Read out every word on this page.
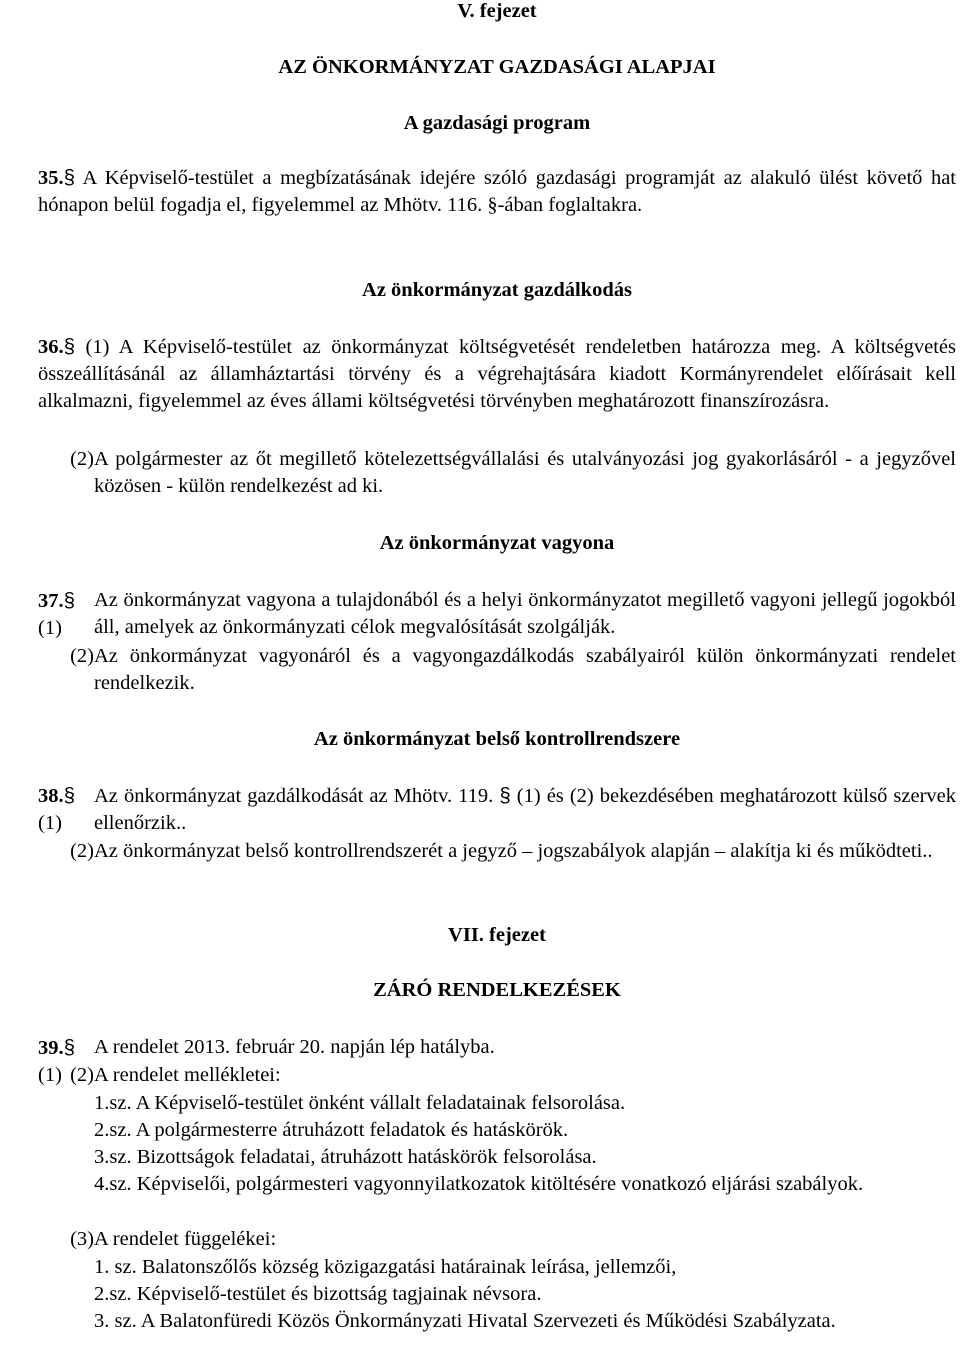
V. fejezet
AZ ÖNKORMÁNYZAT GAZDASÁGI ALAPJAI
A gazdasági program
35.§ A Képviselő-testület a megbízatásának idejére szóló gazdasági programját az alakuló ülést követő hat hónapon belül fogadja el, figyelemmel az Mhötv. 116. §-ában foglaltakra.
Az önkormányzat gazdálkodás
36.§ (1) A Képviselő-testület az önkormányzat költségvetését rendeletben határozza meg. A költségvetés összeállításánál az államháztartási törvény és a végrehajtására kiadott Kormányrendelet előírásait kell alkalmazni, figyelemmel az éves állami költségvetési törvényben meghatározott finanszírozásra.
(2) A polgármester az őt megillető kötelezettségvállalási és utalványozási jog gyakorlásáról - a jegyzővel közösen - külön rendelkezést ad ki.
Az önkormányzat vagyona
37.§ (1)
Az önkormányzat vagyona a tulajdonából és a helyi önkormányzatot megillető vagyoni jellegű jogokból áll, amelyek az önkormányzati célok megvalósítását szolgálják.
(2) Az önkormányzat vagyonáról és a vagyongazdálkodás szabályairól külön önkormányzati rendelet rendelkezik.
Az önkormányzat belső kontrollrendszere
38.§ (1)
Az önkormányzat gazdálkodását az Mhötv. 119. § (1) és (2) bekezdésében meghatározott külső szervek ellenőrzik..
(2) Az önkormányzat belső kontrollrendszerét a jegyző – jogszabályok alapján – alakítja ki és működteti..
VII. fejezet
ZÁRÓ RENDELKEZÉSEK
39.§ (1)
A rendelet 2013. február 20. napján lép hatályba.
(2) A rendelet mellékletei:
1.sz. A Képviselő-testület önként vállalt feladatainak felsorolása.
2.sz. A polgármesterre átruházott feladatok és hatáskörök.
3.sz. Bizottságok feladatai, átruházott hatáskörök felsorolása.
4.sz. Képviselői, polgármesteri vagyonnyilatkozatok kitöltésére vonatkozó eljárási szabályok.
(3) A rendelet függelékei:
1. sz. Balatonszőlős község közigazgatási határainak leírása, jellemzői,
2.sz. Képviselő-testület és bizottság tagjainak névsora.
3. sz. A Balatonfüredi Közös Önkormányzati Hivatal Szervezeti és Működési Szabályzata.
